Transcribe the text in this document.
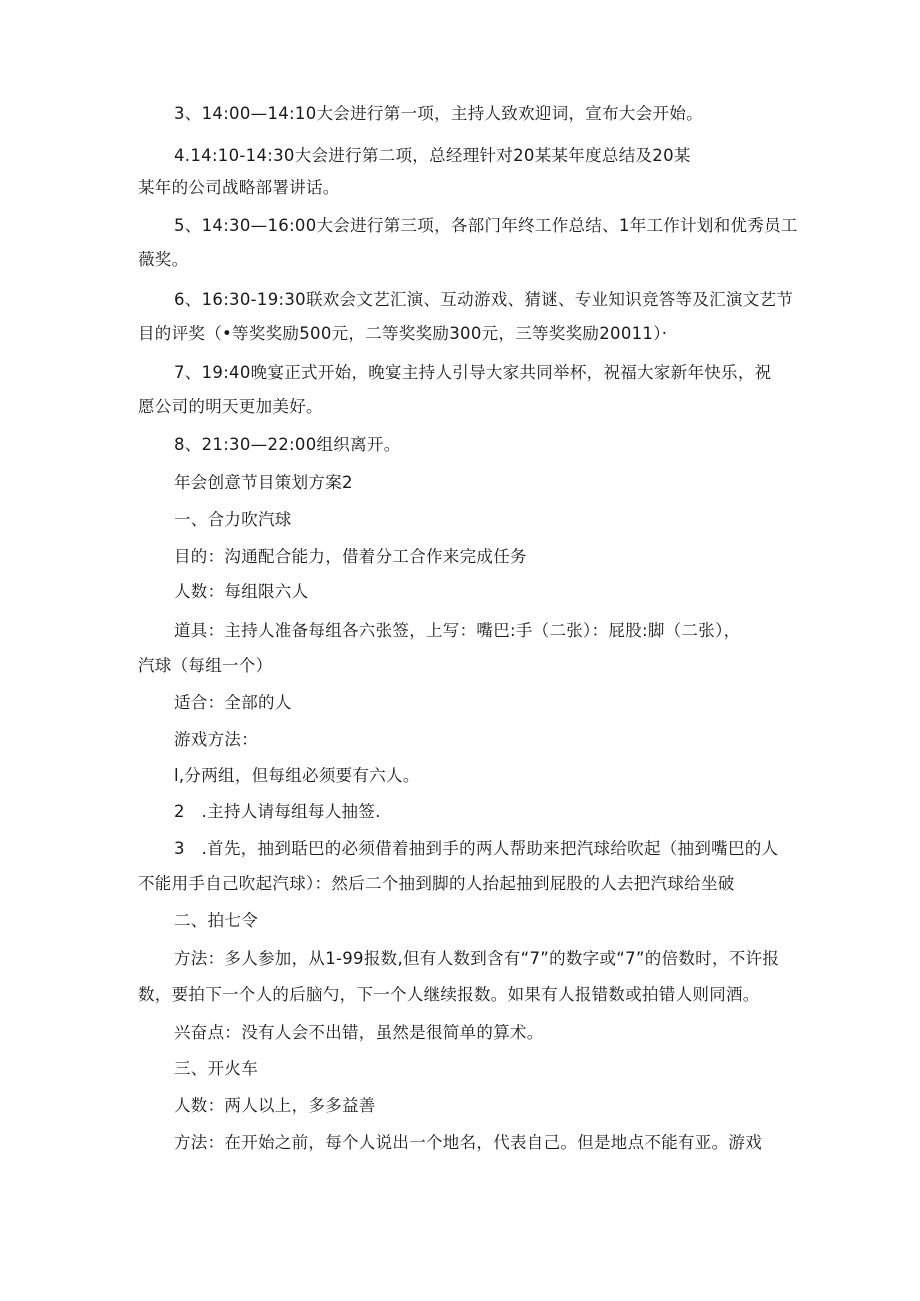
3、14:00—14:10大会进行第一项，主持人致欢迎词，宣布大会开始。
4.14:10-14:30大会进行第二项，总经理针对20某某年度总结及20某
某年的公司战略部署讲话。
5、14:30—16:00大会进行第三项，各部门年终工作总结、1年工作计划和优秀员工
薇奖。
6、16:30-19:30联欢会文艺汇演、互动游戏、猜谜、专业知识竞答等及汇演文艺节
目的评奖（•等奖奖励500元，二等奖奖励300元，三等奖奖励20011）·
7、19:40晚宴正式开始，晚宴主持人引导大家共同举杯，祝福大家新年快乐，祝
愿公司的明天更加美好。
8、21:30—22:00组织离开。
年会创意节目策划方案2
一、合力吹汽球
目的：沟通配合能力，借着分工合作来完成任务
人数：每组限六人
道具：主持人准备每组各六张签，上写：嘴巴:手（二张）：屁股:脚（二张），
汽球（每组一个）
适合：全部的人
游戏方法：
l,分两组，但每组必须要有六人。
2　.主持人请每组每人抽签.
3　.首先，抽到聒巴的必须借着抽到手的两人帮助来把汽球给吹起（抽到嘴巴的人
不能用手自己吹起汽球）：然后二个抽到脚的人抬起抽到屁股的人去把汽球给坐破
二、拍七令
方法：多人参加，从1-99报数,但有人数到含有“7”的数字或“7”的倍数时，不许报
数，要拍下一个人的后脑勺，下一个人继续报数。如果有人报错数或拍错人则同酒。
兴奋点：没有人会不出错，虽然是很简单的算术。
三、开火车
人数：两人以上，多多益善
方法：在开始之前，每个人说出一个地名，代表自己。但是地点不能有亚。游戏
